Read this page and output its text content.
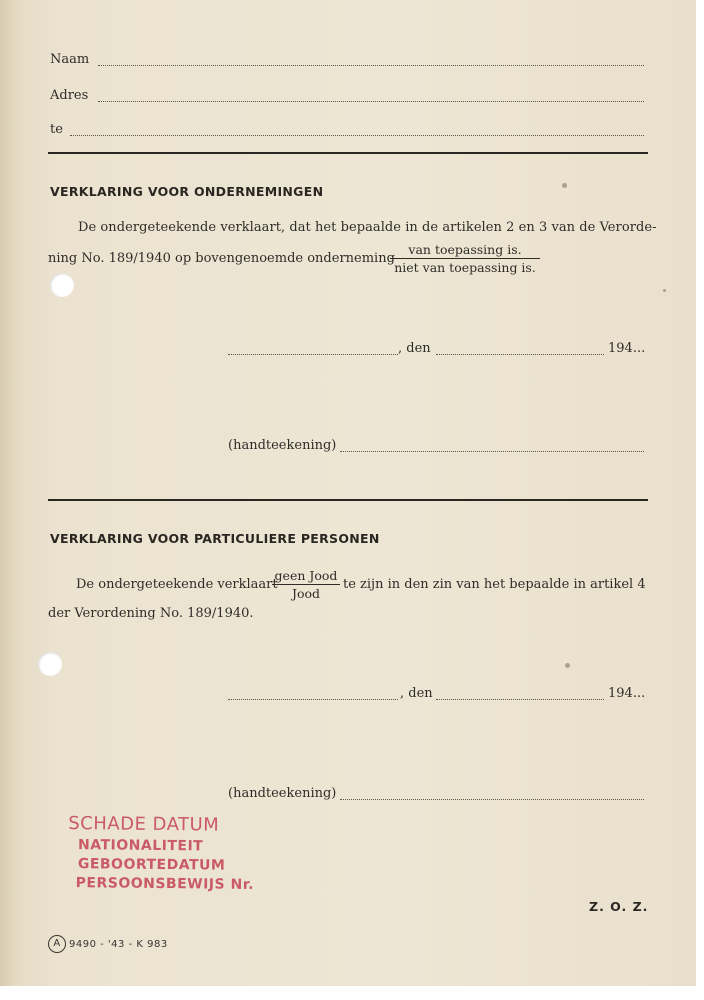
Naam
Adres
te
VERKLARING VOOR ONDERNEMINGEN
De ondergeteekende verklaart, dat het bepaalde in de artikelen 2 en 3 van de Verorde-
ning No. 189/1940 op bovengenoemde onderneming
van toepassing is.
niet van toepassing is.
, den	194...
(handteekening)
VERKLARING VOOR PARTICULIERE PERSONEN
De ondergeteekende verklaart
geen Jood
Jood
te zijn in den zin van het bepaalde in artikel 4
der Verordening No. 189/1940.
, den	194...
(handteekening)
SCHADE DATUM
NATIONALITEIT
GEBOORTEDATUM
PERSOONSBEWIJS Nr.
Z. O. Z.
A 9490 - '43 - K 983
